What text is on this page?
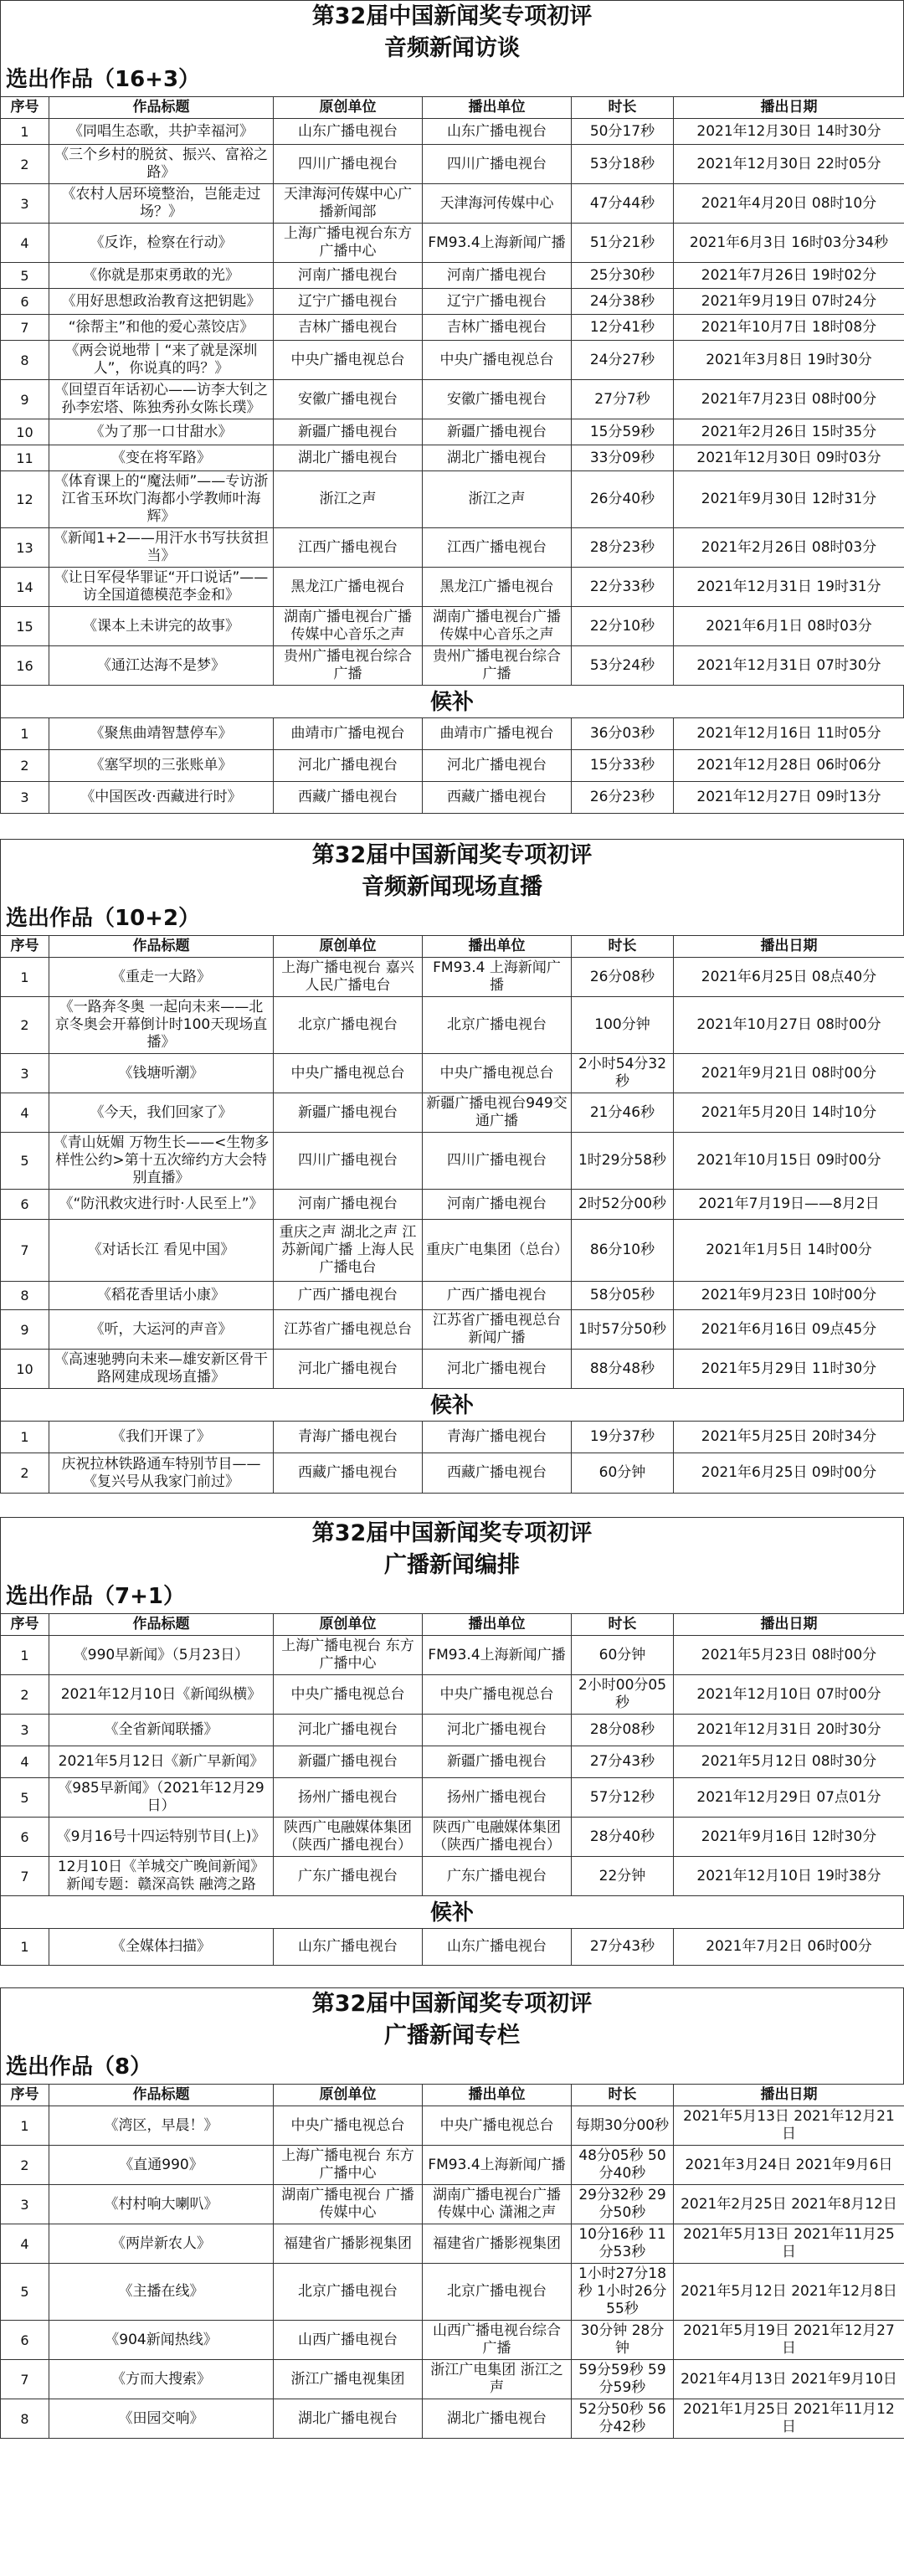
第32届中国新闻奖专项初评
音频新闻访谈
选出作品（16+3）
序号	作品标题	原创单位	播出单位	时长	播出日期
1	《同唱生态歌，共护幸福河》	山东广播电视台	山东广播电视台	50分17秒	2021年12月30日 14时30分
2	《三个乡村的脱贫、振兴、富裕之路》	四川广播电视台	四川广播电视台	53分18秒	2021年12月30日 22时05分
3	《农村人居环境整治，岂能走过场？》	天津海河传媒中心广播新闻部	天津海河传媒中心	47分44秒	2021年4月20日 08时10分
4	《反诈，检察在行动》	上海广播电视台东方广播中心	FM93.4上海新闻广播	51分21秒	2021年6月3日 16时03分34秒
5	《你就是那束勇敢的光》	河南广播电视台	河南广播电视台	25分30秒	2021年7月26日 19时02分
6	《用好思想政治教育这把钥匙》	辽宁广播电视台	辽宁广播电视台	24分38秒	2021年9月19日 07时24分
7	“徐帮主”和他的爱心蒸饺店》	吉林广播电视台	吉林广播电视台	12分41秒	2021年10月7日 18时08分
8	《两会说地带丨“来了就是深圳人”，你说真的吗？》	中央广播电视总台	中央广播电视总台	24分27秒	2021年3月8日 19时30分
9	《回望百年话初心——访李大钊之孙李宏塔、陈独秀孙女陈长璞》	安徽广播电视台	安徽广播电视台	27分7秒	2021年7月23日 08时00分
10	《为了那一口甘甜水》	新疆广播电视台	新疆广播电视台	15分59秒	2021年2月26日 15时35分
11	《变在将军路》	湖北广播电视台	湖北广播电视台	33分09秒	2021年12月30日 09时03分
12	《体育课上的“魔法师”——专访浙江省玉环坎门海都小学教师叶海辉》	浙江之声	浙江之声	26分40秒	2021年9月30日 12时31分
13	《新闻1+2——用汗水书写扶贫担当》	江西广播电视台	江西广播电视台	28分23秒	2021年2月26日 08时03分
14	《让日军侵华罪证“开口说话”——访全国道德模范李金和》	黑龙江广播电视台	黑龙江广播电视台	22分33秒	2021年12月31日 19时31分
15	《课本上未讲完的故事》	湖南广播电视台广播传媒中心音乐之声	湖南广播电视台广播传媒中心音乐之声	22分10秒	2021年6月1日 08时03分
16	《通江达海不是梦》	贵州广播电视台综合广播	贵州广播电视台综合广播	53分24秒	2021年12月31日 07时30分
候补
1	《聚焦曲靖智慧停车》	曲靖市广播电视台	曲靖市广播电视台	36分03秒	2021年12月16日 11时05分
2	《塞罕坝的三张账单》	河北广播电视台	河北广播电视台	15分33秒	2021年12月28日 06时06分
3	《中国医改·西藏进行时》	西藏广播电视台	西藏广播电视台	26分23秒	2021年12月27日 09时13分
第32届中国新闻奖专项初评
音频新闻现场直播
选出作品（10+2）
序号	作品标题	原创单位	播出单位	时长	播出日期
1	《重走一大路》	上海广播电视台 嘉兴人民广播电台	FM93.4 上海新闻广播	26分08秒	2021年6月25日 08点40分
2	《一路奔冬奥 一起向未来——北京冬奥会开幕倒计时100天现场直播》	北京广播电视台	北京广播电视台	100分钟	2021年10月27日 08时00分
3	《钱塘听潮》	中央广播电视总台	中央广播电视总台	2小时54分32秒	2021年9月21日 08时00分
4	《今天，我们回家了》	新疆广播电视台	新疆广播电视台949交通广播	21分46秒	2021年5月20日 14时10分
5	《青山妩媚 万物生长——<生物多样性公约>第十五次缔约方大会特别直播》	四川广播电视台	四川广播电视台	1时29分58秒	2021年10月15日 09时00分
6	《“防汛救灾进行时·人民至上”》	河南广播电视台	河南广播电视台	2时52分00秒	2021年7月19日——8月2日
7	《对话长江 看见中国》	重庆之声 湖北之声 江苏新闻广播 上海人民广播电台	重庆广电集团（总台）	86分10秒	2021年1月5日 14时00分
8	《稻花香里话小康》	广西广播电视台	广西广播电视台	58分05秒	2021年9月23日 10时00分
9	《听，大运河的声音》	江苏省广播电视总台	江苏省广播电视总台新闻广播	1时57分50秒	2021年6月16日 09点45分
10	《高速驰骋向未来—雄安新区骨干路网建成现场直播》	河北广播电视台	河北广播电视台	88分48秒	2021年5月29日 11时30分
候补
1	《我们开课了》	青海广播电视台	青海广播电视台	19分37秒	2021年5月25日 20时34分
2	庆祝拉林铁路通车特别节目——《复兴号从我家门前过》	西藏广播电视台	西藏广播电视台	60分钟	2021年6月25日 09时00分
第32届中国新闻奖专项初评
广播新闻编排
选出作品（7+1）
序号	作品标题	原创单位	播出单位	时长	播出日期
1	《990早新闻》（5月23日）	上海广播电视台 东方广播中心	FM93.4上海新闻广播	60分钟	2021年5月23日 08时00分
2	2021年12月10日《新闻纵横》	中央广播电视总台	中央广播电视总台	2小时00分05秒	2021年12月10日 07时00分
3	《全省新闻联播》	河北广播电视台	河北广播电视台	28分08秒	2021年12月31日 20时30分
4	2021年5月12日《新广早新闻》	新疆广播电视台	新疆广播电视台	27分43秒	2021年5月12日 08时30分
5	《985早新闻》（2021年12月29日）	扬州广播电视台	扬州广播电视台	57分12秒	2021年12月29日 07点01分
6	《9月16号十四运特别节目(上)》	陕西广电融媒体集团（陕西广播电视台）	陕西广电融媒体集团（陕西广播电视台）	28分40秒	2021年9月16日 12时30分
7	12月10日《羊城交广晚间新闻》新闻专题：赣深高铁 融湾之路	广东广播电视台	广东广播电视台	22分钟	2021年12月10日 19时38分
候补
1	《全媒体扫描》	山东广播电视台	山东广播电视台	27分43秒	2021年7月2日 06时00分
第32届中国新闻奖专项初评
广播新闻专栏
选出作品（8）
序号	作品标题	原创单位	播出单位	时长	播出日期
1	《湾区，早晨！》	中央广播电视总台	中央广播电视总台	每期30分00秒	2021年5月13日 2021年12月21日
2	《直通990》	上海广播电视台 东方广播中心	FM93.4上海新闻广播	48分05秒 50分40秒	2021年3月24日 2021年9月6日
3	《村村响大喇叭》	湖南广播电视台 广播传媒中心	湖南广播电视台广播传媒中心 潇湘之声	29分32秒 29分50秒	2021年2月25日 2021年8月12日
4	《两岸新农人》	福建省广播影视集团	福建省广播影视集团	10分16秒 11分53秒	2021年5月13日 2021年11月25日
5	《主播在线》	北京广播电视台	北京广播电视台	1小时27分18秒 1小时26分55秒	2021年5月12日 2021年12月8日
6	《904新闻热线》	山西广播电视台	山西广播电视台综合广播	30分钟 28分钟	2021年5月19日 2021年12月27日
7	《方而大搜索》	浙江广播电视集团	浙江广电集团 浙江之声	59分59秒 59分59秒	2021年4月13日 2021年9月10日
8	《田园交响》	湖北广播电视台	湖北广播电视台	52分50秒 56分42秒	2021年1月25日 2021年11月12日
